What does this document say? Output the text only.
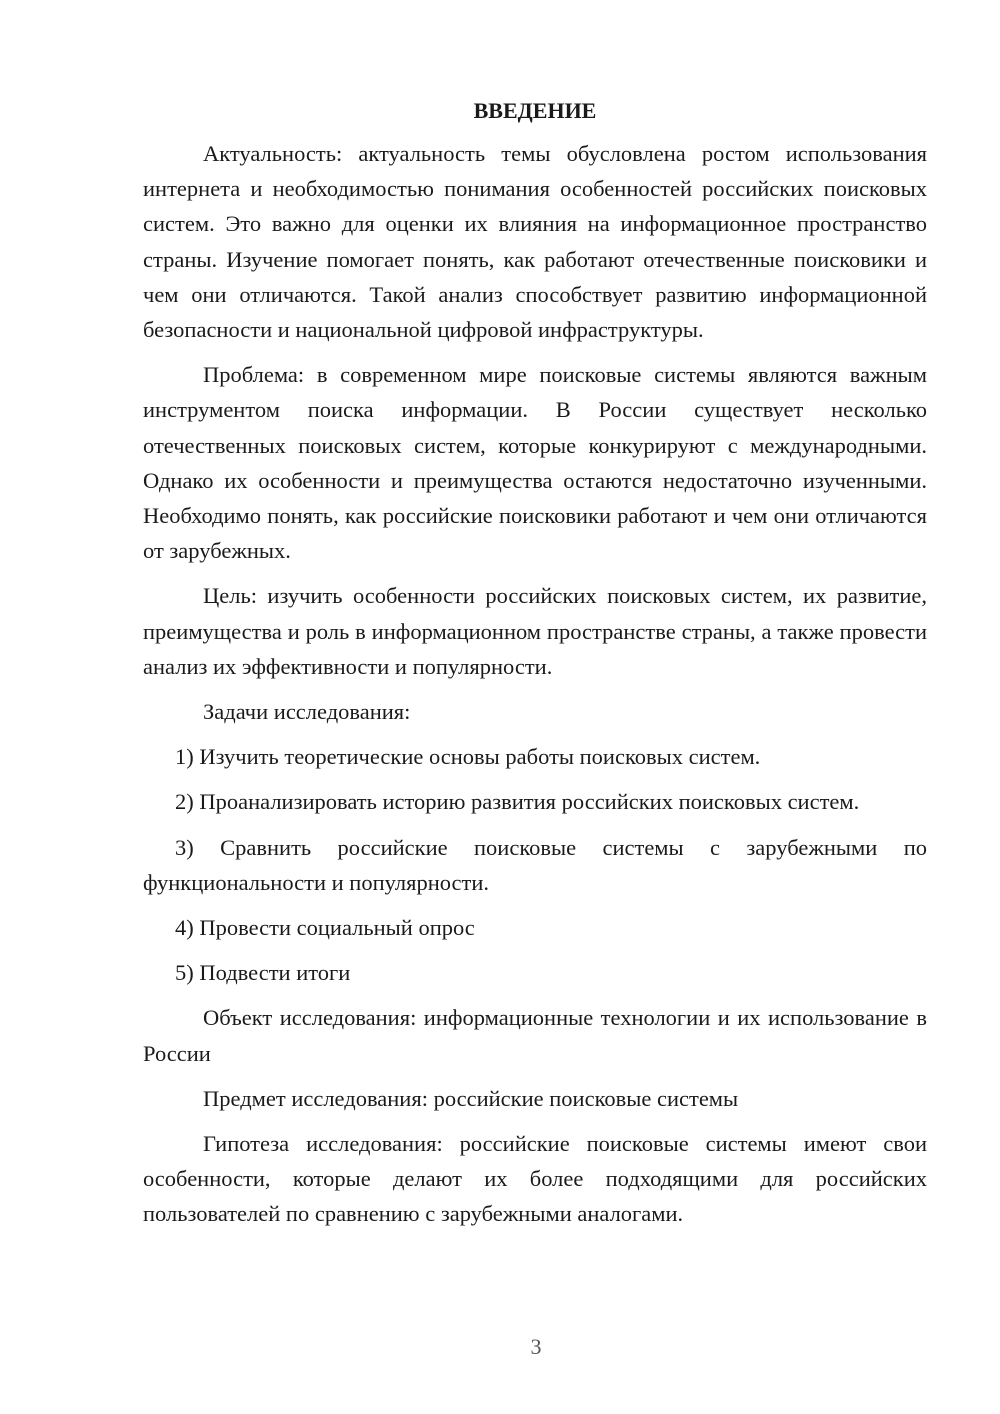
ВВЕДЕНИЕ

Актуальность: актуальность темы обусловлена ростом использования интернета и необходимостью понимания особенностей российских поисковых систем. Это важно для оценки их влияния на информационное пространство страны. Изучение помогает понять, как работают отечественные поисковики и чем они отличаются. Такой анализ способствует развитию информационной безопасности и национальной цифровой инфраструктуры.

Проблема: в современном мире поисковые системы являются важным инструментом поиска информации. В России существует несколько отечественных поисковых систем, которые конкурируют с международными. Однако их особенности и преимущества остаются недостаточно изученными. Необходимо понять, как российские поисковики работают и чем они отличаются от зарубежных.

Цель: изучить особенности российских поисковых систем, их развитие, преимущества и роль в информационном пространстве страны, а также провести анализ их эффективности и популярности.

Задачи исследования:

1) Изучить теоретические основы работы поисковых систем.

2) Проанализировать историю развития российских поисковых систем.

3) Сравнить российские поисковые системы с зарубежными по функциональности и популярности.

4) Провести социальный опрос

5) Подвести итоги

Объект исследования: информационные технологии и их использование в России

Предмет исследования: российские поисковые системы

Гипотеза исследования: российские поисковые системы имеют свои особенности, которые делают их более подходящими для российских пользователей по сравнению с зарубежными аналогами.

3
